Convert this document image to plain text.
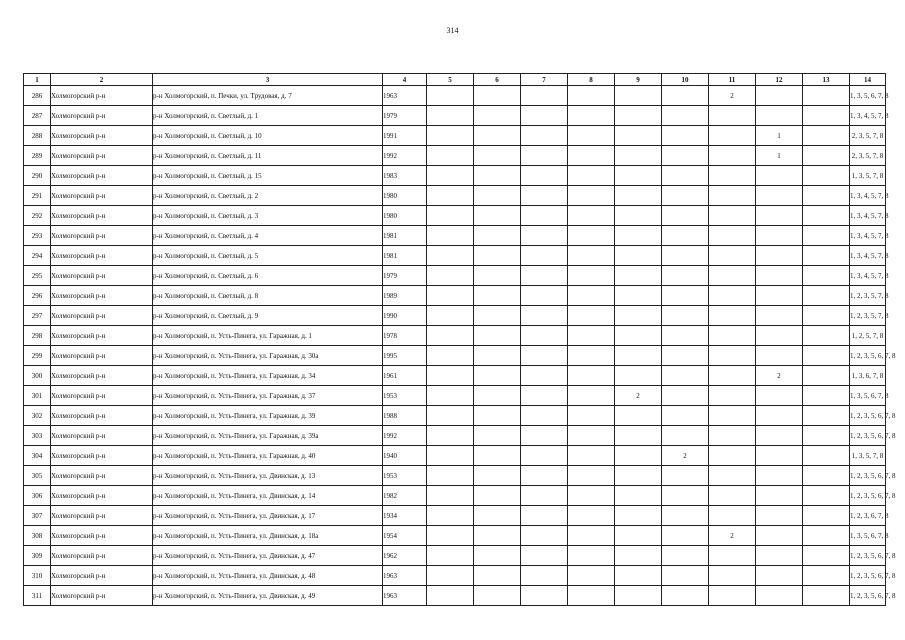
314
1	2	3	4	5	6	7	8	9	10	11	12	13	14
286	Холмогорский р-н	р-н Холмогорский, п. Печки, ул. Трудовая, д. 7	1963							2			1, 3, 5, 6, 7, 8
287	Холмогорский р-н	р-н Холмогорский, п. Светлый, д. 1	1979										1, 3, 4, 5, 7, 8
288	Холмогорский р-н	р-н Холмогорский, п. Светлый, д. 10	1991								1		2, 3, 5, 7, 8
289	Холмогорский р-н	р-н Холмогорский, п. Светлый, д. 11	1992								1		2, 3, 5, 7, 8
290	Холмогорский р-н	р-н Холмогорский, п. Светлый, д. 15	1983										1, 3, 5, 7, 8
291	Холмогорский р-н	р-н Холмогорский, п. Светлый, д. 2	1980										1, 3, 4, 5, 7, 8
292	Холмогорский р-н	р-н Холмогорский, п. Светлый, д. 3	1980										1, 3, 4, 5, 7, 8
293	Холмогорский р-н	р-н Холмогорский, п. Светлый, д. 4	1981										1, 3, 4, 5, 7, 8
294	Холмогорский р-н	р-н Холмогорский, п. Светлый, д. 5	1981										1, 3, 4, 5, 7, 8
295	Холмогорский р-н	р-н Холмогорский, п. Светлый, д. 6	1979										1, 3, 4, 5, 7, 8
296	Холмогорский р-н	р-н Холмогорский, п. Светлый, д. 8	1989										1, 2, 3, 5, 7, 8
297	Холмогорский р-н	р-н Холмогорский, п. Светлый, д. 9	1990										1, 2, 3, 5, 7, 8
298	Холмогорский р-н	р-н Холмогорский, п. Усть-Пинега, ул. Гаражная, д. 1	1978										1, 2, 5, 7, 8
299	Холмогорский р-н	р-н Холмогорский, п. Усть-Пинега, ул. Гаражная, д. 30а	1995										1, 2, 3, 5, 6, 7, 8
300	Холмогорский р-н	р-н Холмогорский, п. Усть-Пинега, ул. Гаражная, д. 34	1961								2		1, 3, 6, 7, 8
301	Холмогорский р-н	р-н Холмогорский, п. Усть-Пинега, ул. Гаражная, д. 37	1953					2					1, 3, 5, 6, 7, 8
302	Холмогорский р-н	р-н Холмогорский, п. Усть-Пинега, ул. Гаражная, д. 39	1988										1, 2, 3, 5, 6, 7, 8
303	Холмогорский р-н	р-н Холмогорский, п. Усть-Пинега, ул. Гаражная, д. 39а	1992										1, 2, 3, 5, 6, 7, 8
304	Холмогорский р-н	р-н Холмогорский, п. Усть-Пинега, ул. Гаражная, д. 40	1940						2				1, 3, 5, 7, 8
305	Холмогорский р-н	р-н Холмогорский, п. Усть-Пинега, ул. Двинская, д. 13	1953										1, 2, 3, 5, 6, 7, 8
306	Холмогорский р-н	р-н Холмогорский, п. Усть-Пинега, ул. Двинская, д. 14	1982										1, 2, 3, 5, 6, 7, 8
307	Холмогорский р-н	р-н Холмогорский, п. Усть-Пинега, ул. Двинская, д. 17	1934										1, 2, 3, 6, 7, 8
308	Холмогорский р-н	р-н Холмогорский, п. Усть-Пинега, ул. Двинская, д. 18а	1954							2			1, 3, 5, 6, 7, 8
309	Холмогорский р-н	р-н Холмогорский, п. Усть-Пинега, ул. Двинская, д. 47	1962										1, 2, 3, 5, 6, 7, 8
310	Холмогорский р-н	р-н Холмогорский, п. Усть-Пинега, ул. Двинская, д. 48	1963										1, 2, 3, 5, 6, 7, 8
311	Холмогорский р-н	р-н Холмогорский, п. Усть-Пинега, ул. Двинская, д. 49	1963										1, 2, 3, 5, 6, 7, 8
